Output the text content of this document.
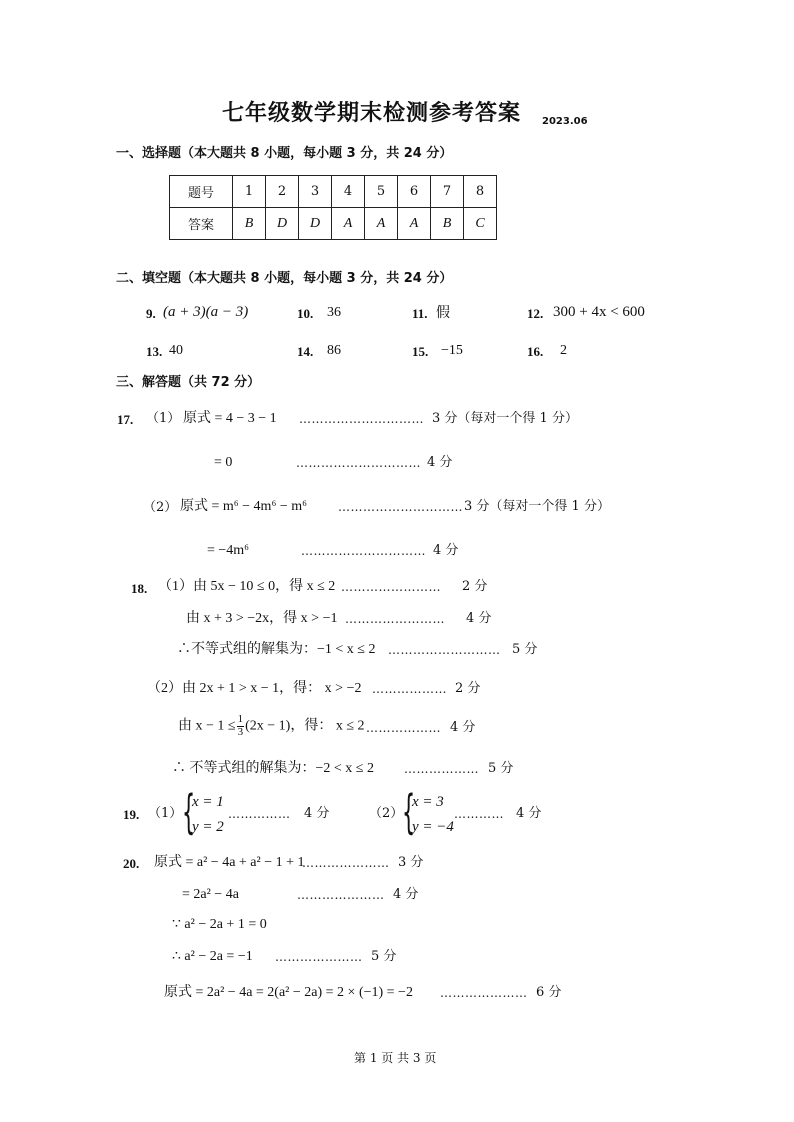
七年级数学期末检测参考答案 2023.06
一、选择题（本大题共 8 小题，每小题 3 分，共 24 分）
题号	1	2	3	4	5	6	7	8
答案	B	D	D	A	A	A	B	C
二、填空题（本大题共 8 小题，每小题 3 分，共 24 分）
9. (a + 3)(a − 3)	10. 36	11. 假	12. 300 + 4x < 600
13. 40	14. 86	15. −15	16. 2
三、解答题（共 72 分）
17. （1） 原式 = 4 − 3 − 1 ………………………… 3 分（每对一个得 1 分）
= 0	………………………… 4 分
（2） 原式 = m⁶ − 4m⁶ − m⁶	………………………… 3 分（每对一个得 1 分）
= −4m⁶	………………………… 4 分
18. （1）由 5x − 10 ≤ 0，得 x ≤ 2 …………………… 2 分
由 x + 3 > −2x，得 x > −1 …………………… 4 分
∴不等式组的解集为：−1 < x ≤ 2 ……………………… 5 分
（2）由 2x + 1 > x − 1，得： x > −2 ……………… 2 分
由 $x - 1 \le \frac{1}{3} (2x - 1)$，得： x ≤ 2 ……………… 4 分
∴ 不等式组的解集为：−2 < x ≤ 2	……………… 5 分
19. （1） {
x = 1
y = 2
…………… 4 分	（2）
{
x = 3
y = −4
………… 4 分
20. 原式 = a² − 4a + a² − 1 + 1
………………… 3 分
= 2a² − 4a	………………… 4 分
∵ a² − 2a + 1 = 0
∴ a² − 2a = −1 ………………… 5 分
原式 = 2a² − 4a = 2(a² − 2a) = 2 × (−1) = −2 ………………… 6 分
第 1 页 共 3 页
